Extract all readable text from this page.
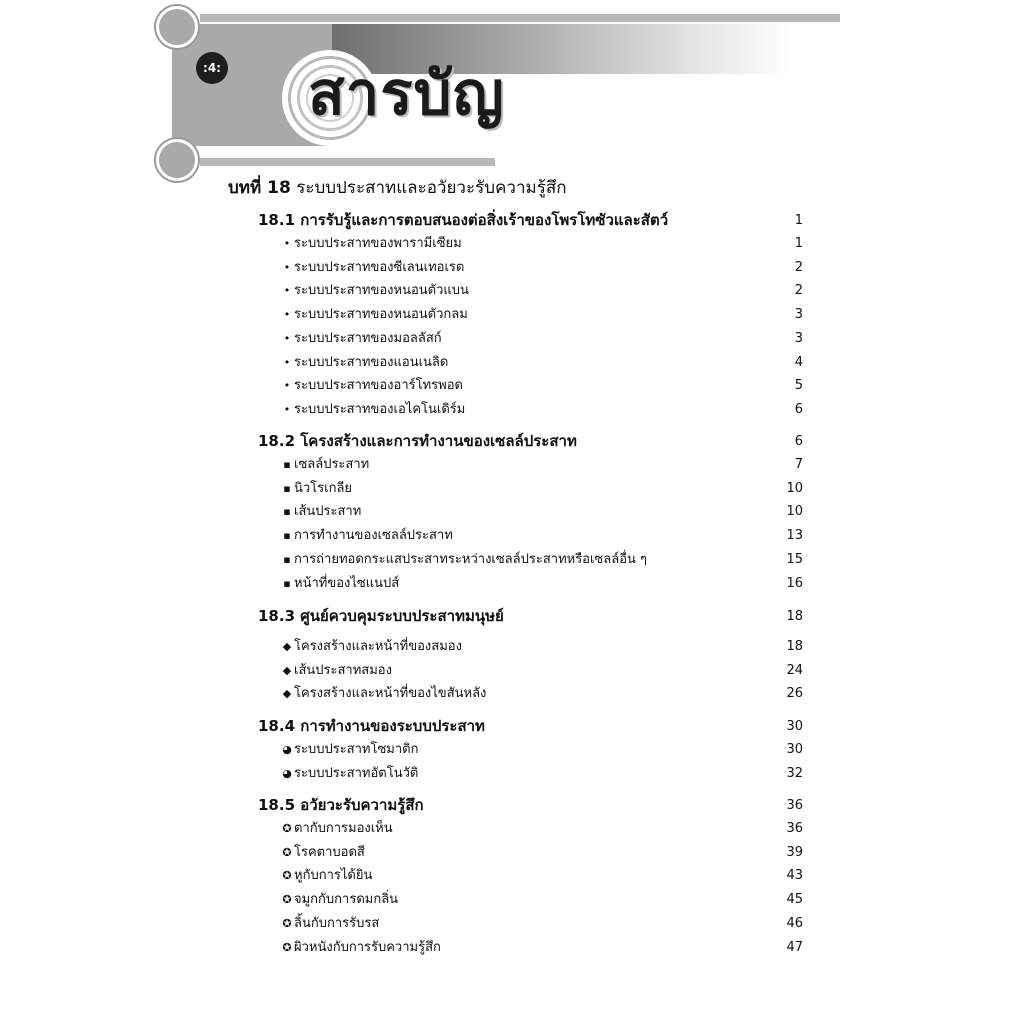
:4: สารบัญ
บทที่ 18 ระบบประสาทและอวัยวะรับความรู้สึก
18.1 การรับรู้และการตอบสนองต่อสิ่งเร้าของโพรโทซัวและสัตว์	1
• ระบบประสาทของพารามีเซียม	1
• ระบบประสาทของซีเลนเทอเรต	2
• ระบบประสาทของหนอนตัวแบน	2
• ระบบประสาทของหนอนตัวกลม	3
• ระบบประสาทของมอลลัสก์	3
• ระบบประสาทของแอนเนลิด	4
• ระบบประสาทของอาร์โทรพอด	5
• ระบบประสาทของเอไคโนเดิร์ม	6
18.2 โครงสร้างและการทำงานของเซลล์ประสาท	6
▪ เซลล์ประสาท	7
▪ นิวโรเกลีย	10
▪ เส้นประสาท	10
▪ การทำงานของเซลล์ประสาท	13
▪ การถ่ายทอดกระแสประสาทระหว่างเซลล์ประสาทหรือเซลล์อื่น ๆ	15
▪ หน้าที่ของไซแนปส์	16
18.3 ศูนย์ควบคุมระบบประสาทมนุษย์	18
◆ โครงสร้างและหน้าที่ของสมอง	18
◆ เส้นประสาทสมอง	24
◆ โครงสร้างและหน้าที่ของไขสันหลัง	26
18.4 การทำงานของระบบประสาท	30
◕ ระบบประสาทโซมาติก	30
◕ ระบบประสาทอัตโนวัติ	32
18.5 อวัยวะรับความรู้สึก	36
✪ ตากับการมองเห็น	36
✪ โรคตาบอดสี	39
✪ หูกับการได้ยิน	43
✪ จมูกกับการดมกลิ่น	45
✪ ลิ้นกับการรับรส	46
✪ ผิวหนังกับการรับความรู้สึก	47
